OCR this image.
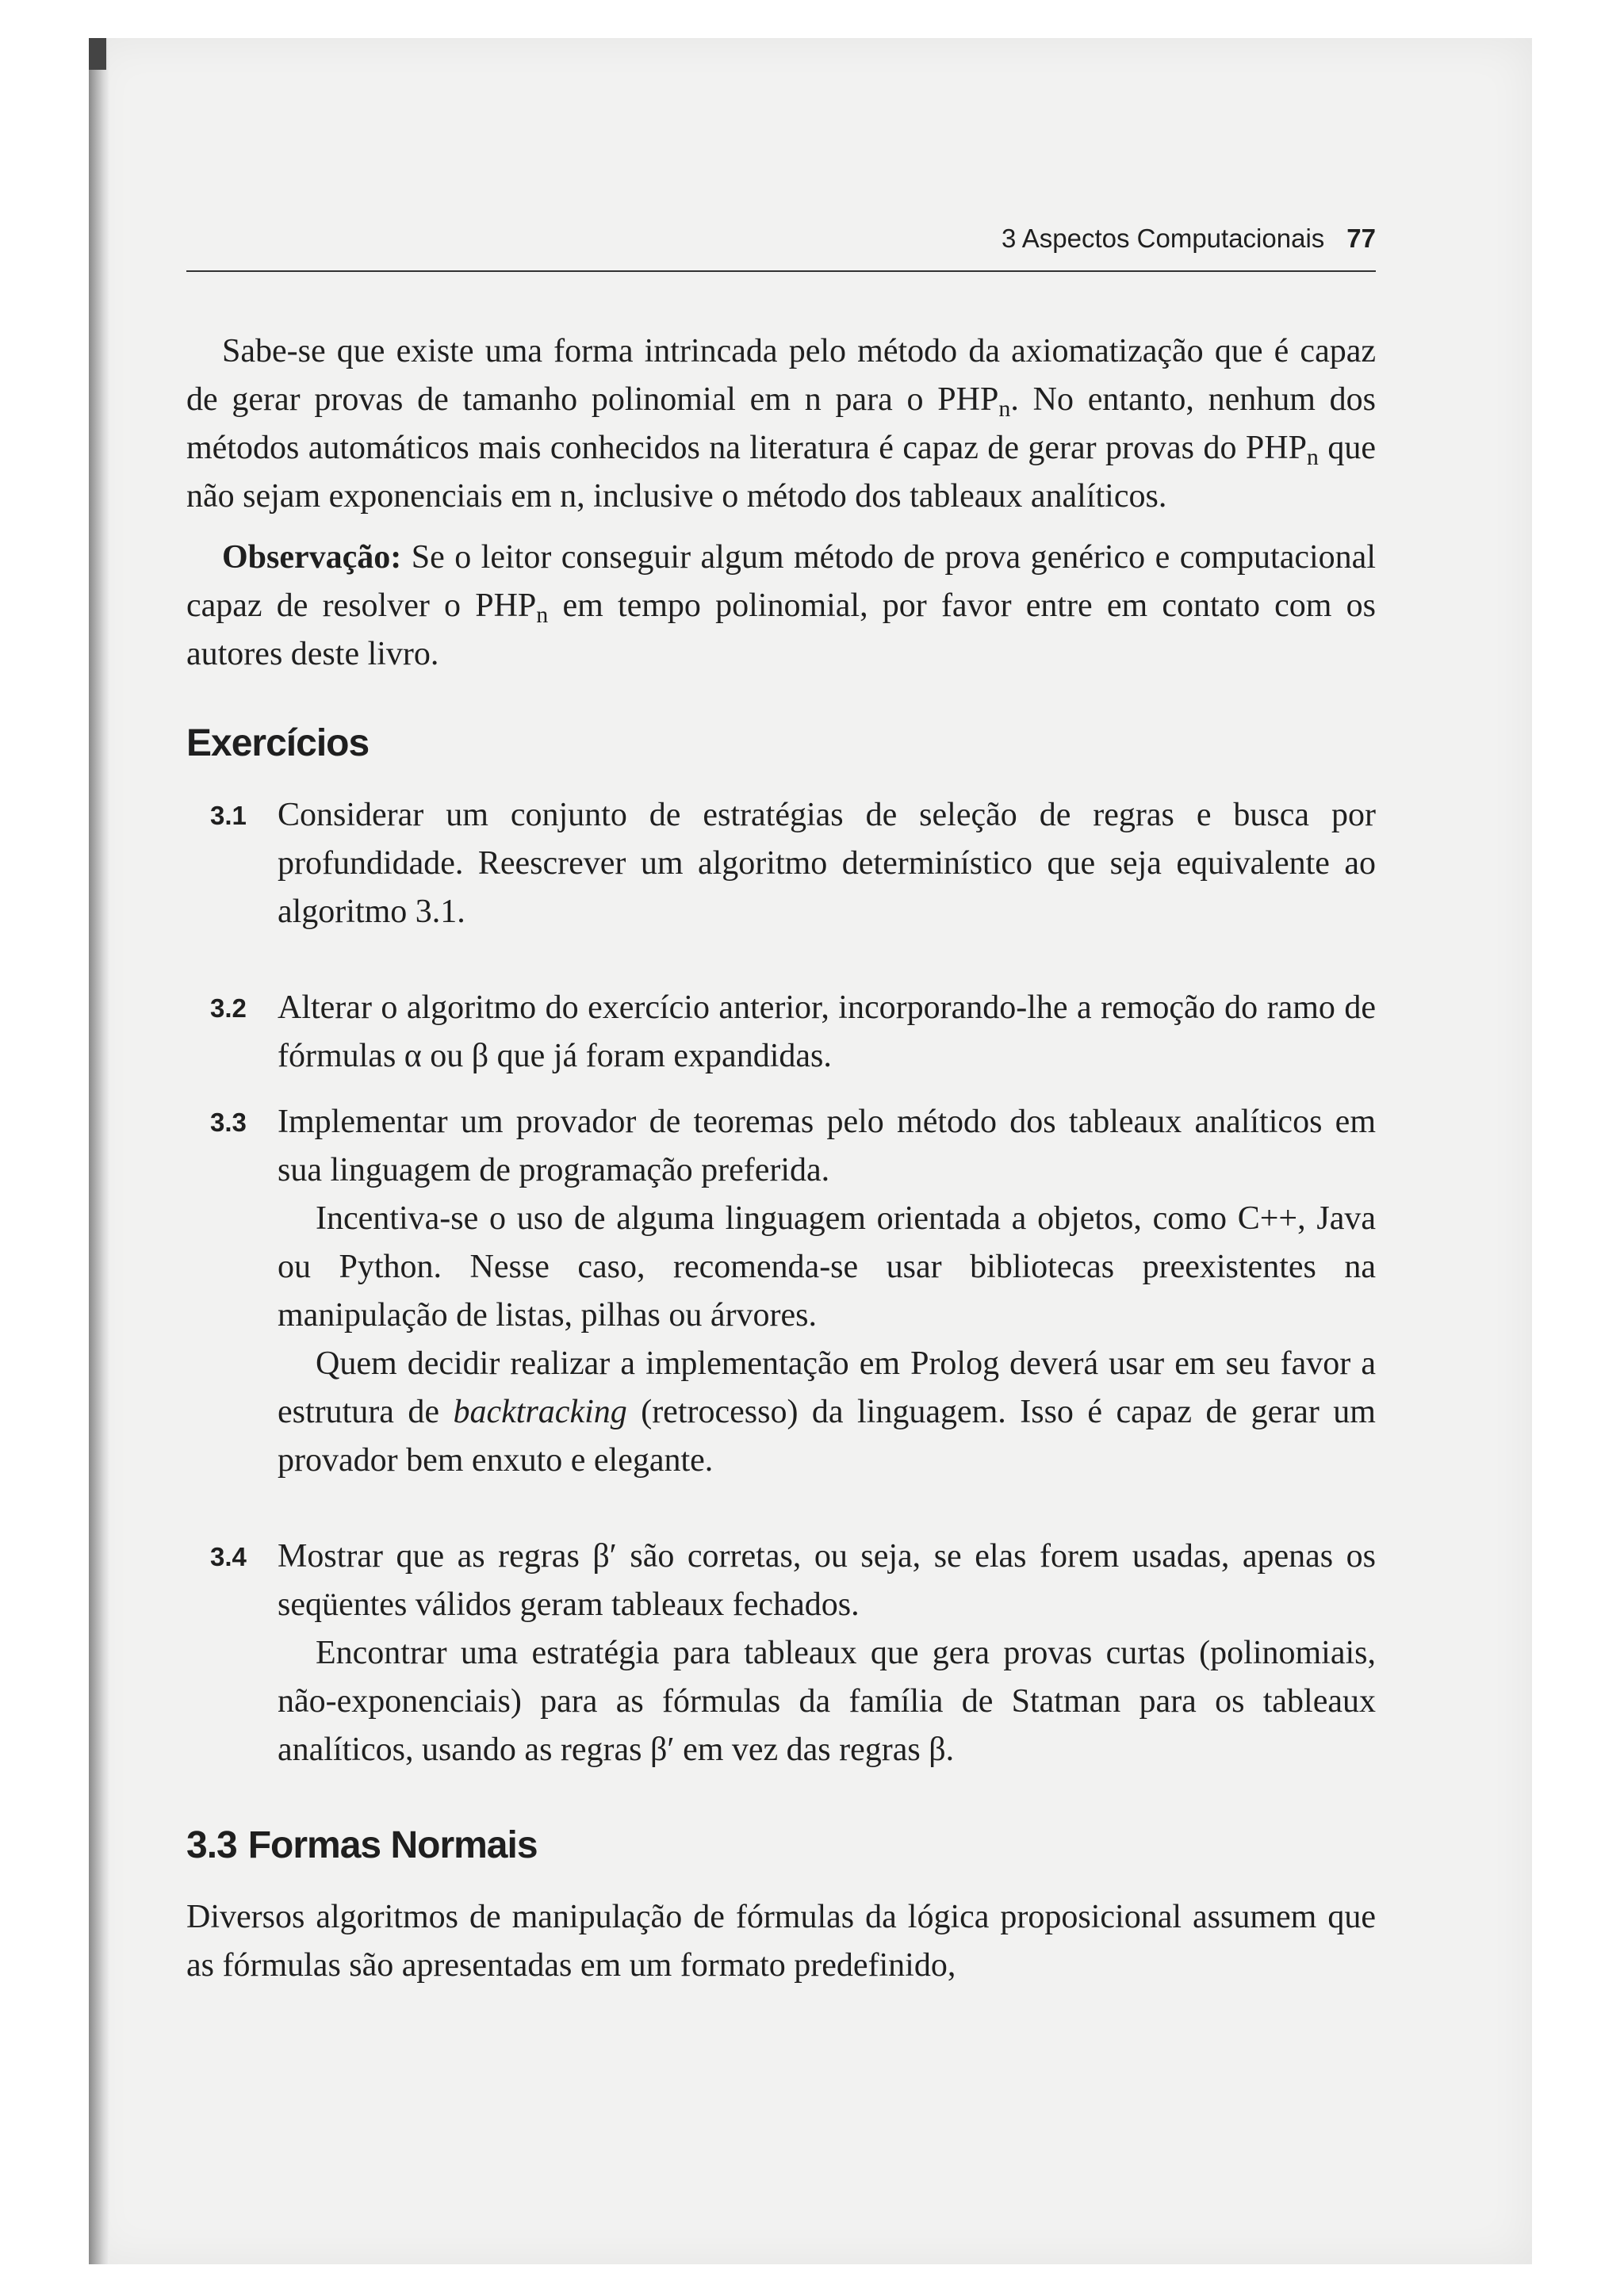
3 Aspectos Computacionais 77

Sabe-se que existe uma forma intrincada pelo método da axiomatização que é capaz de gerar provas de tamanho polinomial em n para o $PHP_n$. No entanto, nenhum dos métodos automáticos mais conhecidos na literatura é capaz de gerar provas do $PHP_n$ que não sejam exponenciais em n, inclusive o método dos tableaux analíticos.

Observação: Se o leitor conseguir algum método de prova genérico e computacional capaz de resolver o $PHP_n$ em tempo polinomial, por favor entre em contato com os autores deste livro.

Exercícios
3.1 Considerar um conjunto de estratégias de seleção de regras e busca por profundidade. Reescrever um algoritmo determinístico que seja equivalente ao algoritmo 3.1.

3.2 Alterar o algoritmo do exercício anterior, incorporando-lhe a remoção do ramo de fórmulas α ou β que já foram expandidas.

3.3 Implementar um provador de teoremas pelo método dos tableaux analíticos em sua linguagem de programação preferida.

Incentiva-se o uso de alguma linguagem orientada a objetos, como C++, Java ou Python. Nesse caso, recomenda-se usar bibliotecas preexistentes na manipulação de listas, pilhas ou árvores.

Quem decidir realizar a implementação em Prolog deverá usar em seu favor a estrutura de backtracking (retrocesso) da linguagem. Isso é capaz de gerar um provador bem enxuto e elegante.

3.4 Mostrar que as regras β′ são corretas, ou seja, se elas forem usadas, apenas os seqüentes válidos geram tableaux fechados.

Encontrar uma estratégia para tableaux que gera provas curtas (polinomiais, não-exponenciais) para as fórmulas da família de Statman para os tableaux analíticos, usando as regras β′ em vez das regras β.

3.3 Formas Normais

Diversos algoritmos de manipulação de fórmulas da lógica proposicional assumem que as fórmulas são apresentadas em um formato predefinido,
